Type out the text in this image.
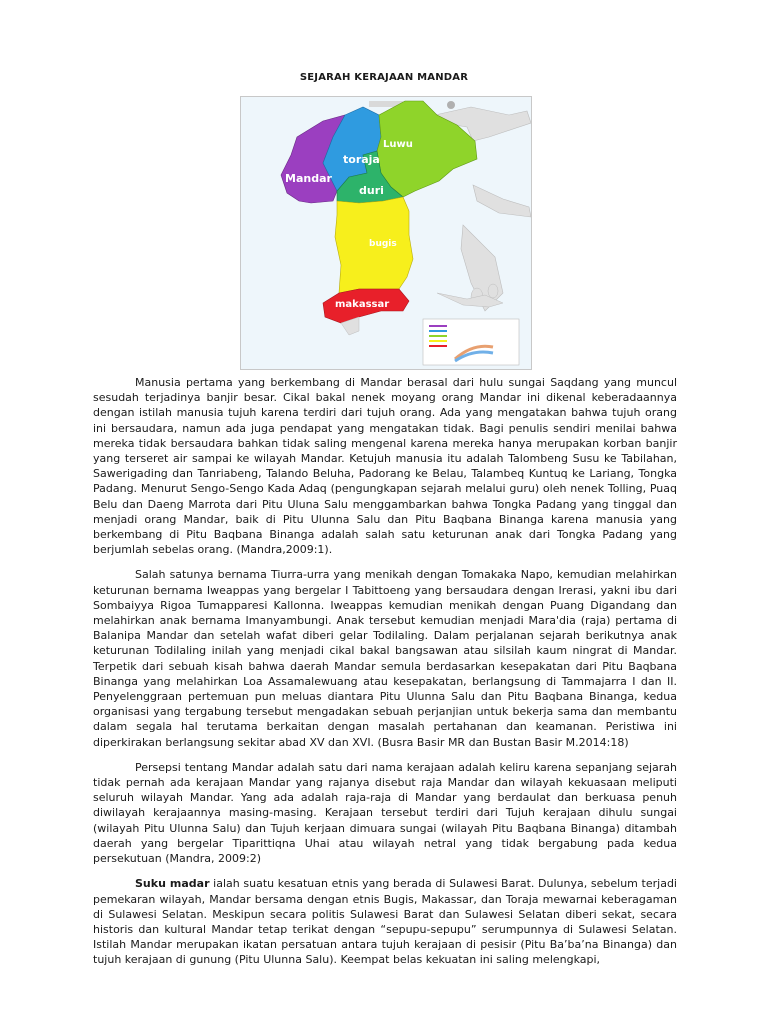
SEJARAH KERAJAAN MANDAR
toraja
Luwu
Mandar
duri
bugis
makassar

Manusia pertama yang berkembang di Mandar berasal dari hulu sungai Saqdang yang muncul sesudah terjadinya banjir besar. Cikal bakal nenek moyang orang Mandar ini dikenal keberadaannya dengan istilah manusia tujuh karena terdiri dari tujuh orang. Ada yang mengatakan bahwa tujuh orang ini bersaudara, namun ada juga pendapat yang mengatakan tidak. Bagi penulis sendiri menilai bahwa mereka tidak bersaudara bahkan tidak saling mengenal karena mereka hanya merupakan korban banjir yang terseret air sampai ke wilayah Mandar. Ketujuh manusia itu adalah Talombeng Susu ke Tabilahan, Sawerigading dan Tanriabeng, Talando Beluha, Padorang ke Belau, Talambeq Kuntuq ke Lariang, Tongka Padang. Menurut Sengo-Sengo Kada Adaq (pengungkapan sejarah melalui guru) oleh nenek Tolling, Puaq Belu dan Daeng Marrota dari Pitu Uluna Salu menggambarkan bahwa Tongka Padang yang tinggal dan menjadi orang Mandar, baik di Pitu Ulunna Salu dan Pitu Baqbana Binanga karena manusia yang berkembang di Pitu Baqbana Binanga adalah salah satu keturunan anak dari Tongka Padang yang berjumlah sebelas orang. (Mandra,2009:1).

Salah satunya bernama Tiurra-urra yang menikah dengan Tomakaka Napo, kemudian melahirkan keturunan bernama Iweappas yang bergelar I Tabittoeng yang bersaudara dengan Irerasi, yakni ibu dari Sombaiyya Rigoa Tumapparesi Kallonna. Iweappas kemudian menikah dengan Puang Digandang dan melahirkan anak bernama Imanyambungi. Anak tersebut kemudian menjadi Mara'dia (raja) pertama di Balanipa Mandar dan setelah wafat diberi gelar Todilaling. Dalam perjalanan sejarah berikutnya anak keturunan Todilaling inilah yang menjadi cikal bakal bangsawan atau silsilah kaum ningrat di Mandar. Terpetik dari sebuah kisah bahwa daerah Mandar semula berdasarkan kesepakatan dari Pitu Baqbana Binanga yang melahirkan Loa Assamalewuang atau kesepakatan, berlangsung di Tammajarra I dan II. Penyelenggraan pertemuan pun meluas diantara Pitu Ulunna Salu dan Pitu Baqbana Binanga, kedua organisasi yang tergabung tersebut mengadakan sebuah perjanjian untuk bekerja sama dan membantu dalam segala hal terutama berkaitan dengan masalah pertahanan dan keamanan. Peristiwa ini diperkirakan berlangsung sekitar abad XV dan XVI. (Busra Basir MR dan Bustan Basir M.2014:18)

Persepsi tentang Mandar adalah satu dari nama kerajaan adalah keliru karena sepanjang sejarah tidak pernah ada kerajaan Mandar yang rajanya disebut raja Mandar dan wilayah kekuasaan meliputi seluruh wilayah Mandar. Yang ada adalah raja-raja di Mandar yang berdaulat dan berkuasa penuh diwilayah kerajaannya masing-masing. Kerajaan tersebut terdiri dari Tujuh kerajaan dihulu sungai (wilayah Pitu Ulunna Salu) dan Tujuh kerjaan dimuara sungai (wilayah Pitu Baqbana Binanga) ditambah daerah yang bergelar Tiparittiqna Uhai atau wilayah netral yang tidak bergabung pada kedua persekutuan (Mandra, 2009:2)

Suku madar ialah suatu kesatuan etnis yang berada di Sulawesi Barat. Dulunya, sebelum terjadi pemekaran wilayah, Mandar bersama dengan etnis Bugis, Makassar, dan Toraja mewarnai keberagaman di Sulawesi Selatan. Meskipun secara politis Sulawesi Barat dan Sulawesi Selatan diberi sekat, secara historis dan kultural Mandar tetap terikat dengan “sepupu-sepupu” serumpunnya di Sulawesi Selatan. Istilah Mandar merupakan ikatan persatuan antara tujuh kerajaan di pesisir (Pitu Ba’ba’na Binanga) dan tujuh kerajaan di gunung (Pitu Ulunna Salu). Keempat belas kekuatan ini saling melengkapi,
